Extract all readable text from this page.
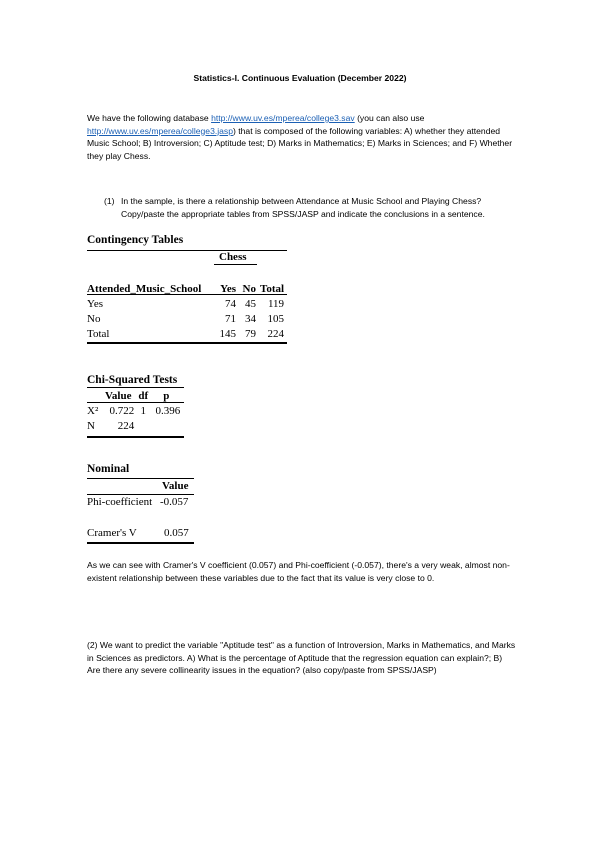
Statistics-I. Continuous Evaluation (December 2022)
We have the following database http://www.uv.es/mperea/college3.sav (you can also use http://www.uv.es/mperea/college3.jasp) that is composed of the following variables: A) whether they attended Music School; B) Introversion; C) Aptitude test; D) Marks in Mathematics; E) Marks in Sciences; and F) Whether they play Chess.
(1) In the sample, is there a relationship between Attendance at Music School and Playing Chess? Copy/paste the appropriate tables from SPSS/JASP and indicate the conclusions in a sentence.
Contingency Tables
Chess
Attended_Music_School	Yes	No	Total
Yes	74	45	119
No	71	34	105
Total	145	79	224
Chi-Squared Tests
	Value	df	p
X²	0.722	1	0.396
N	224		
Nominal
Value
Phi-coefficient -0.057
Cramer's V 0.057
As we can see with Cramer's V coefficient (0.057) and Phi-coefficient (-0.057), there's a very weak, almost non-existent relationship between these variables due to the fact that its value is very close to 0.
(2) We want to predict the variable "Aptitude test" as a function of Introversion, Marks in Mathematics, and Marks in Sciences as predictors. A) What is the percentage of Aptitude that the regression equation can explain?; B) Are there any severe collinearity issues in the equation? (also copy/paste from SPSS/JASP)
